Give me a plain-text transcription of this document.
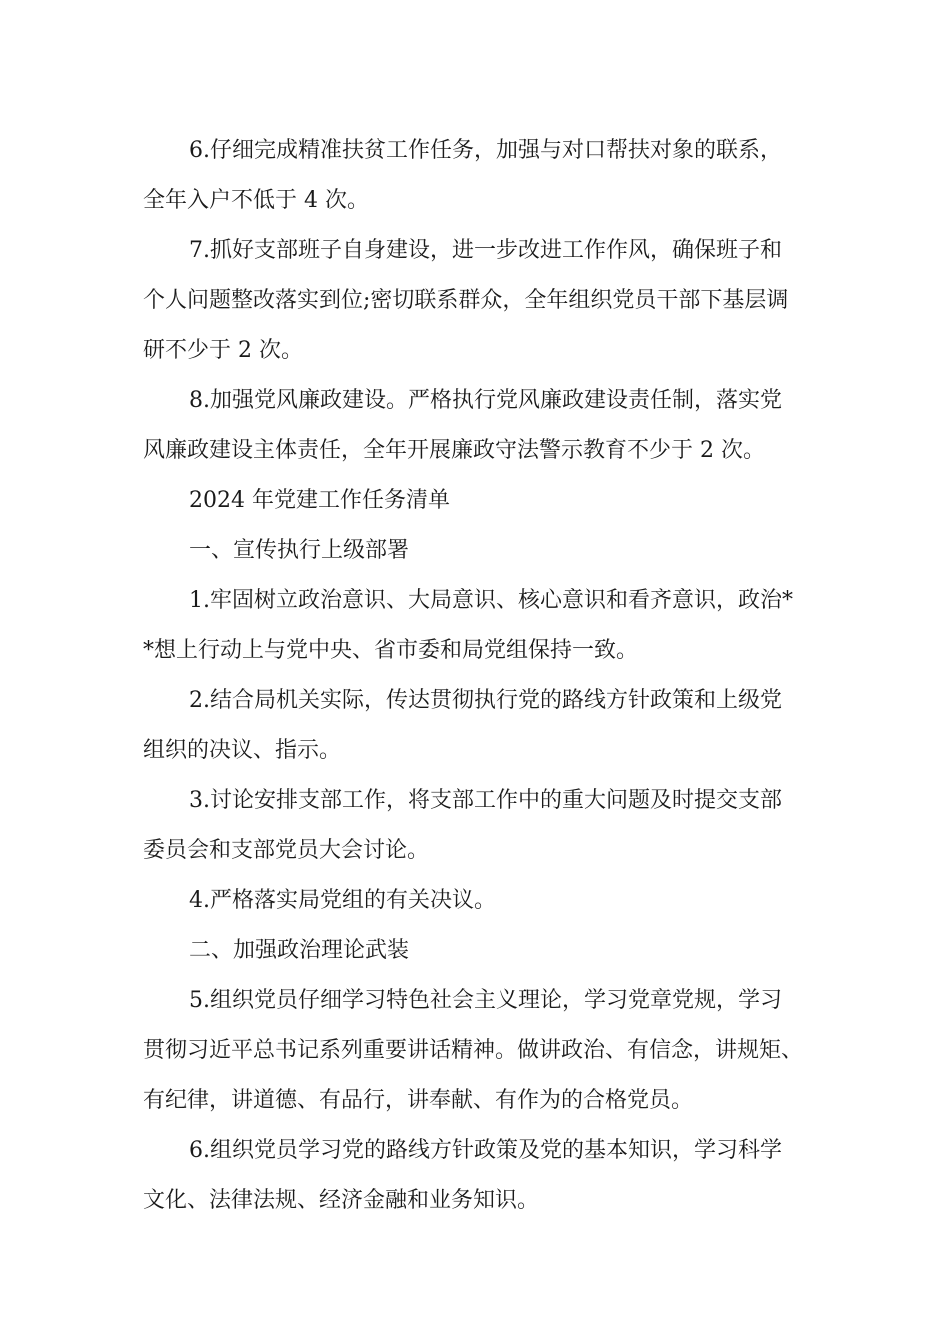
6.仔细完成精准扶贫工作任务，加强与对口帮扶对象的联系，
全年入户不低于 4 次。
7.抓好支部班子自身建设，进一步改进工作作风，确保班子和
个人问题整改落实到位;密切联系群众，全年组织党员干部下基层调
研不少于 2 次。
8.加强党风廉政建设。严格执行党风廉政建设责任制，落实党
风廉政建设主体责任，全年开展廉政守法警示教育不少于 2 次。
2024 年党建工作任务清单
一、宣传执行上级部署
1.牢固树立政治意识、大局意识、核心意识和看齐意识，政治*
*想上行动上与党中央、省市委和局党组保持一致。
2.结合局机关实际，传达贯彻执行党的路线方针政策和上级党
组织的决议、指示。
3.讨论安排支部工作，将支部工作中的重大问题及时提交支部
委员会和支部党员大会讨论。
4.严格落实局党组的有关决议。
二、加强政治理论武装
5.组织党员仔细学习特色社会主义理论，学习党章党规，学习
贯彻习近平总书记系列重要讲话精神。做讲政治、有信念，讲规矩、
有纪律，讲道德、有品行，讲奉献、有作为的合格党员。
6.组织党员学习党的路线方针政策及党的基本知识，学习科学
文化、法律法规、经济金融和业务知识。
